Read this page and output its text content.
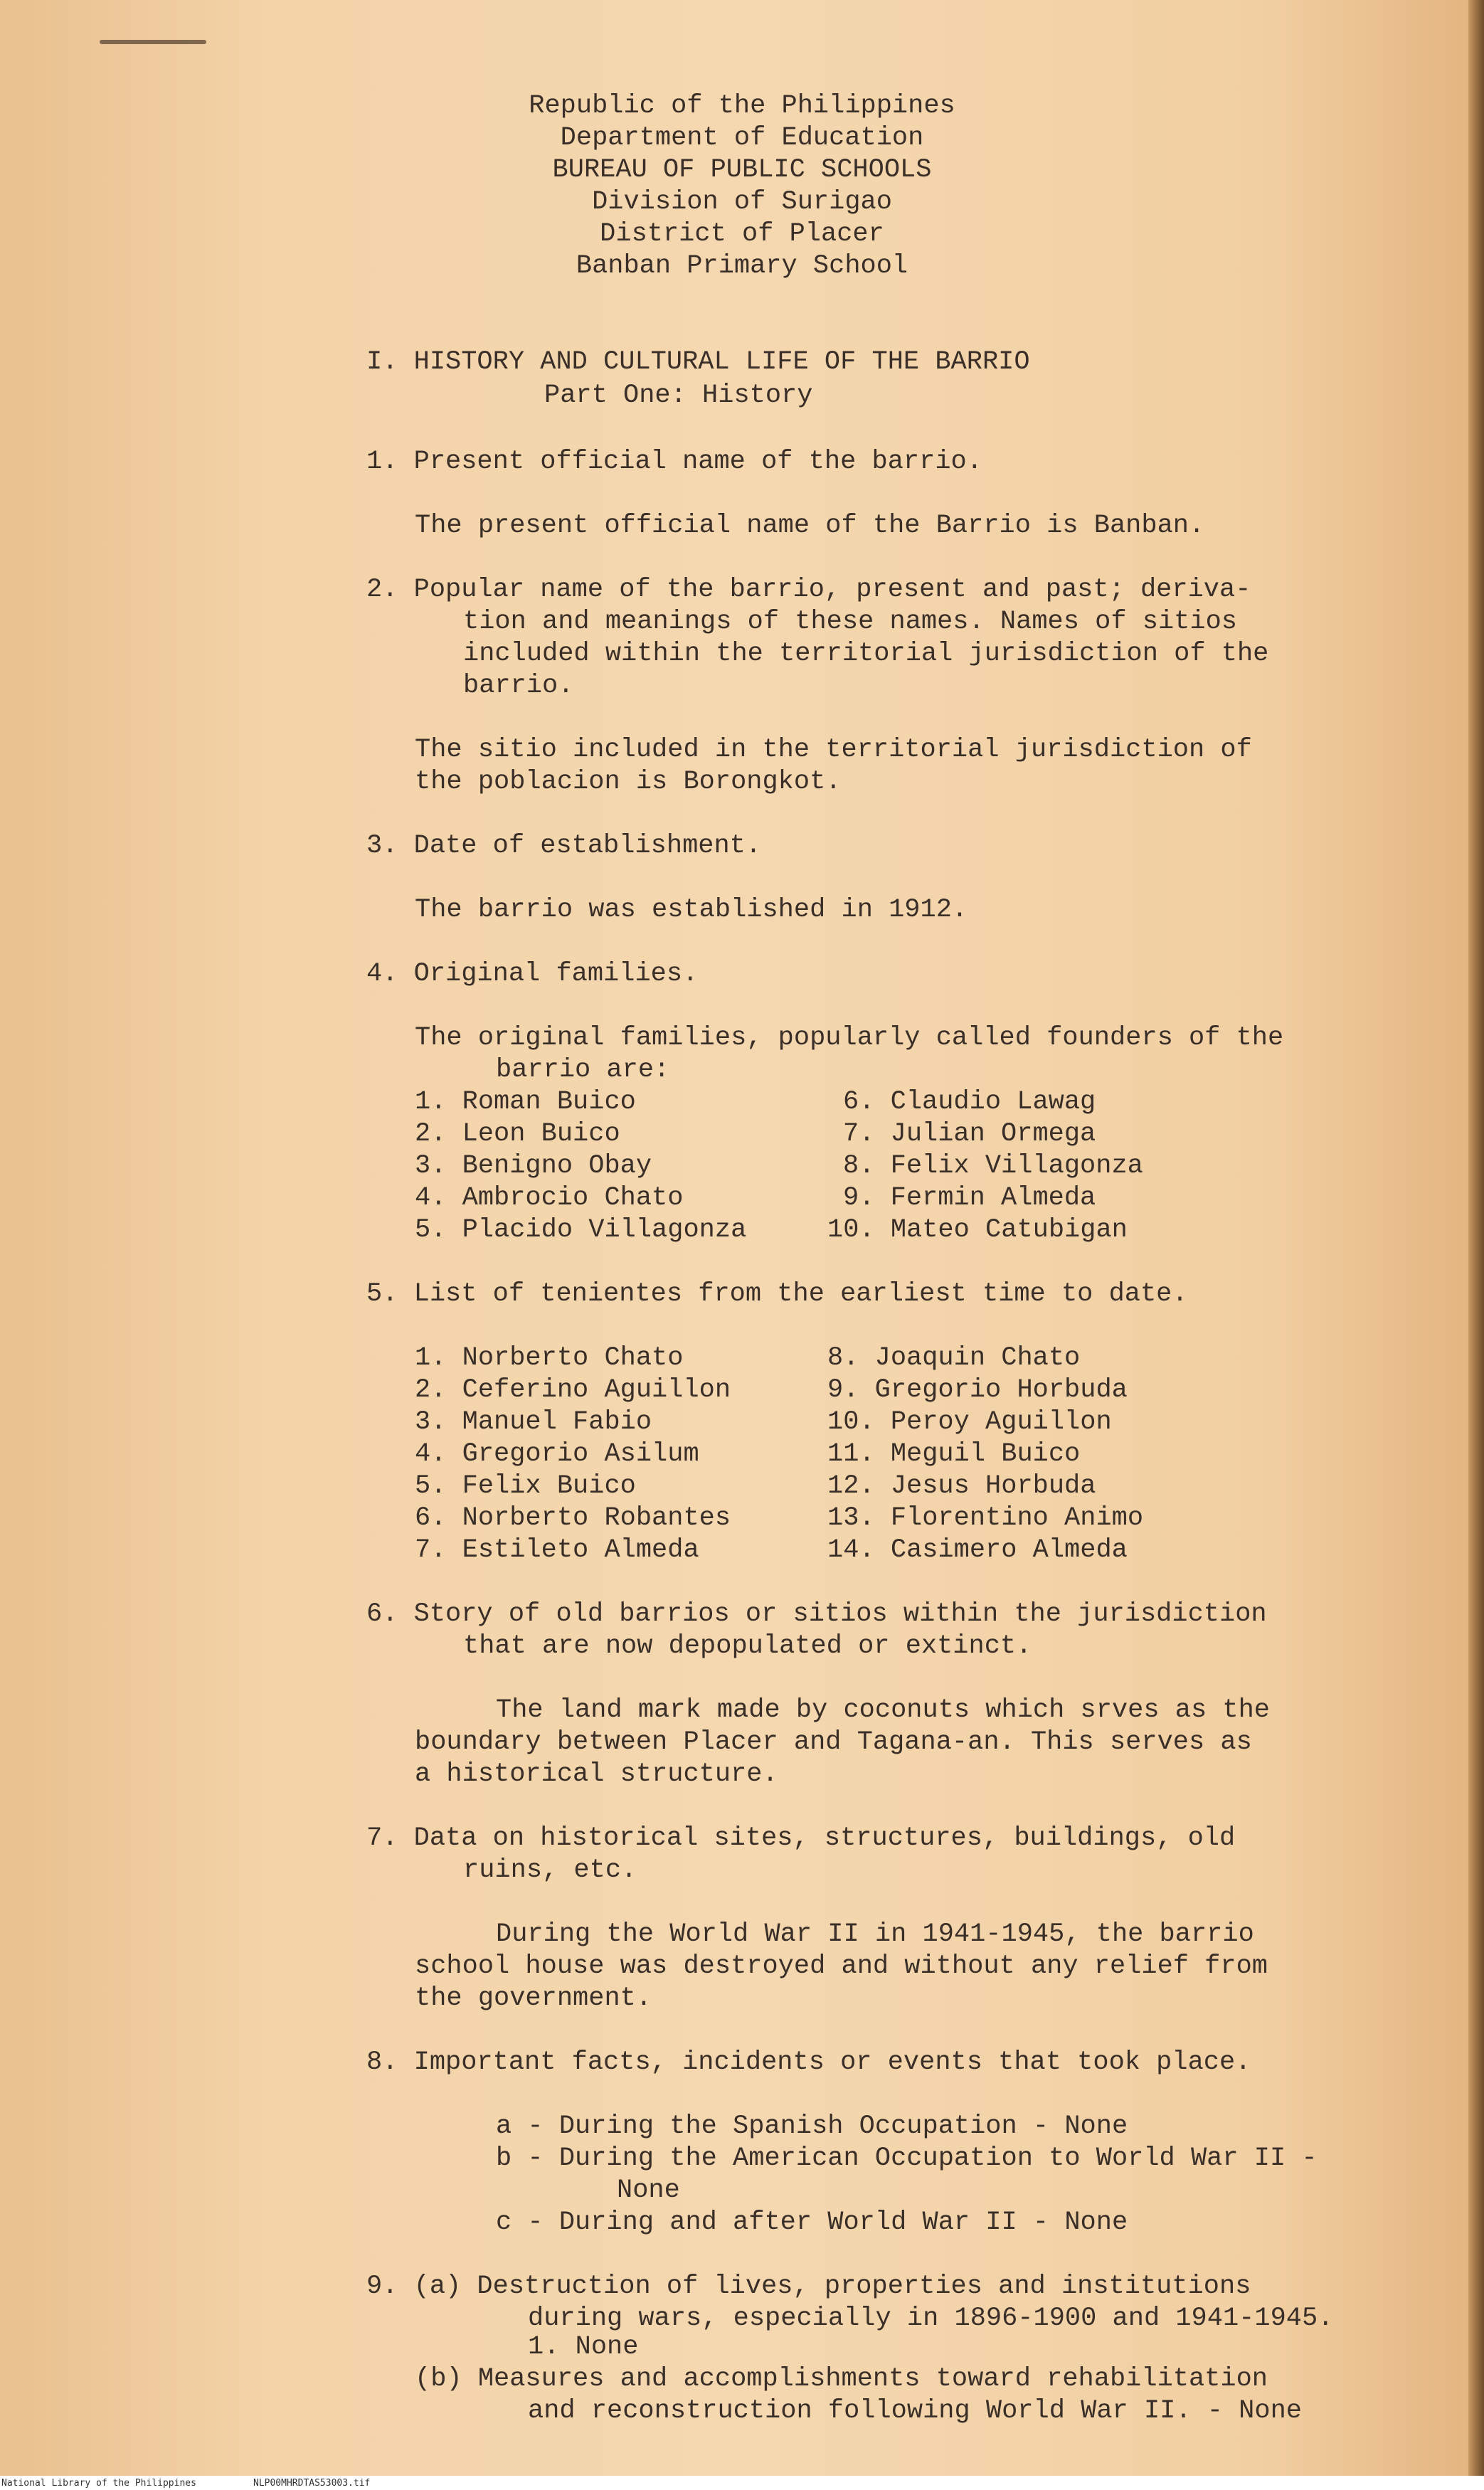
Republic of the Philippines
Department of Education
BUREAU OF PUBLIC SCHOOLS
Division of Surigao
District of Placer
Banban Primary School
I. HISTORY AND CULTURAL LIFE OF THE BARRIO
Part One: History
1. Present official name of the barrio.
The present official name of the Barrio is Banban.
2. Popular name of the barrio, present and past; deriva-
tion and meanings of these names. Names of sitios
included within the territorial jurisdiction of the
barrio.
The sitio included in the territorial jurisdiction of
the poblacion is Borongkot.
3. Date of establishment.
The barrio was established in 1912.
4. Original families.
The original families, popularly called founders of the
barrio are:
1. Roman Buico
2. Leon Buico
3. Benigno Obay
4. Ambrocio Chato
5. Placido Villagonza
6. Claudio Lawag
7. Julian Ormega
8. Felix Villagonza
9. Fermin Almeda
10. Mateo Catubigan
5. List of tenientes from the earliest time to date.
1. Norberto Chato
2. Ceferino Aguillon
3. Manuel Fabio
4. Gregorio Asilum
5. Felix Buico
6. Norberto Robantes
7. Estileto Almeda
8. Joaquin Chato
9. Gregorio Horbuda
10. Peroy Aguillon
11. Meguil Buico
12. Jesus Horbuda
13. Florentino Animo
14. Casimero Almeda
6. Story of old barrios or sitios within the jurisdiction
that are now depopulated or extinct.
The land mark made by coconuts which srves as the
boundary between Placer and Tagana-an. This serves as
a historical structure.
7. Data on historical sites, structures, buildings, old
ruins, etc.
During the World War II in 1941-1945, the barrio
school house was destroyed and without any relief from
the government.
8. Important facts, incidents or events that took place.
a - During the Spanish Occupation - None
b - During the American Occupation to World War II -
None
c - During and after World War II - None
9. (a) Destruction of lives, properties and institutions
during wars, especially in 1896-1900 and 1941-1945.
1. None
(b) Measures and accomplishments toward rehabilitation
and reconstruction following World War II. - None
National Library of the Philippines	NLP00MHRDTAS53003.tif
